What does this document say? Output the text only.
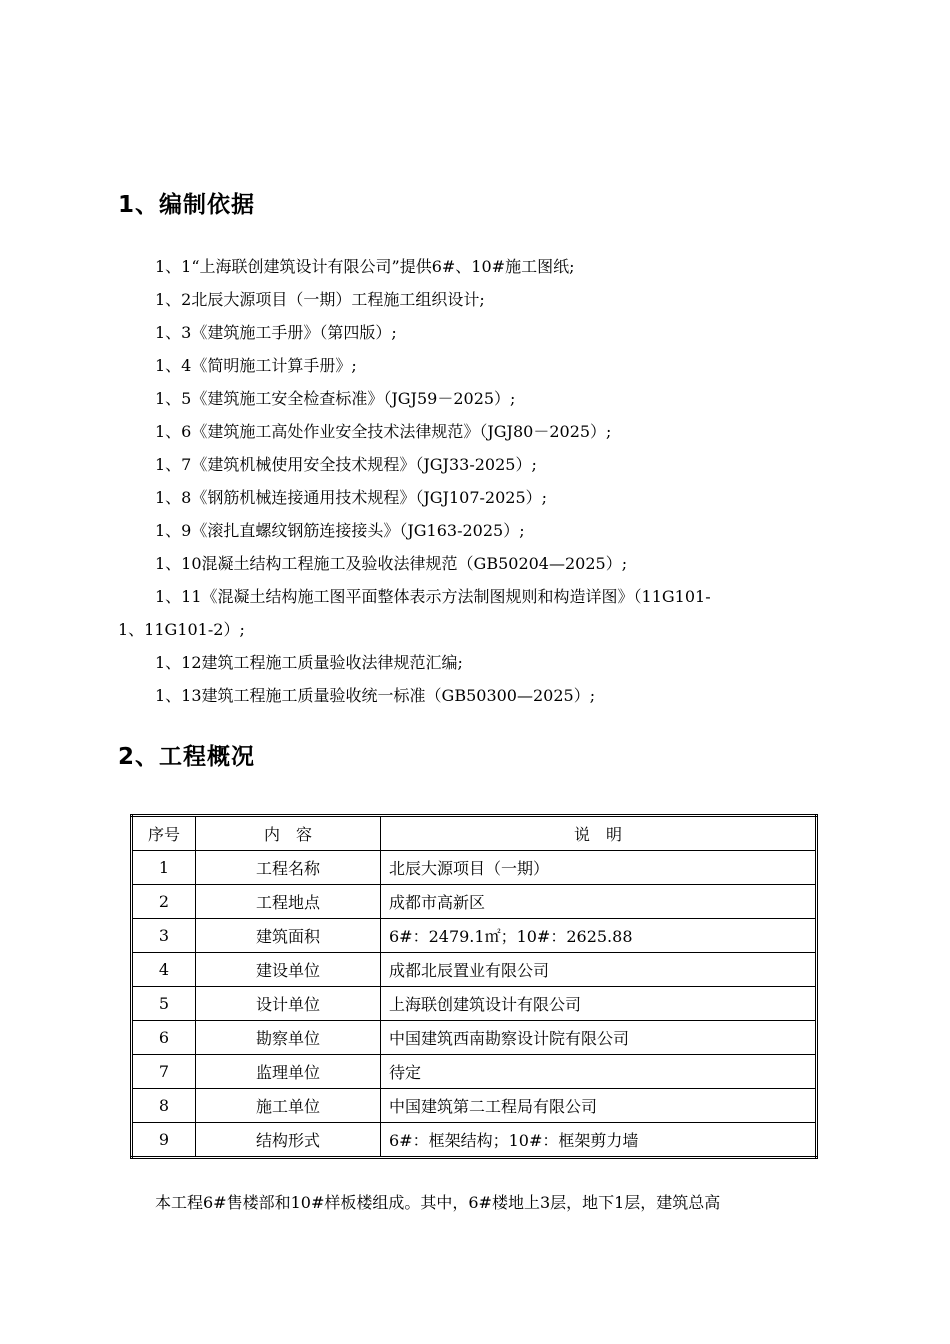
1、编制依据
1、1“上海联创建筑设计有限公司”提供6#、10#施工图纸;
1、2北辰大源项目（一期）工程施工组织设计;
1、3《建筑施工手册》（第四版）;
1、4《简明施工计算手册》;
1、5《建筑施工安全检查标准》（JGJ59－2025）;
1、6《建筑施工高处作业安全技术法律规范》（JGJ80－2025）;
1、7《建筑机械使用安全技术规程》（JGJ33-2025）;
1、8《钢筋机械连接通用技术规程》（JGJ107-2025）;
1、9《滚扎直螺纹钢筋连接接头》（JG163-2025）;
1、10混凝土结构工程施工及验收法律规范（GB50204—2025）;
1、11《混凝土结构施工图平面整体表示方法制图规则和构造详图》（11G101-
1、11G101-2）;
1、12建筑工程施工质量验收法律规范汇编;
1、13建筑工程施工质量验收统一标准（GB50300—2025）;
2、工程概况
序号	内　容	说　明
1	工程名称	北辰大源项目（一期）
2	工程地点	成都市高新区
3	建筑面积	6#：2479.1㎡；10#：2625.88
4	建设单位	成都北辰置业有限公司
5	设计单位	上海联创建筑设计有限公司
6	勘察单位	中国建筑西南勘察设计院有限公司
7	监理单位	待定
8	施工单位	中国建筑第二工程局有限公司
9	结构形式	6#：框架结构；10#：框架剪力墙
本工程6#售楼部和10#样板楼组成。其中，6#楼地上3层，地下1层，建筑总高
